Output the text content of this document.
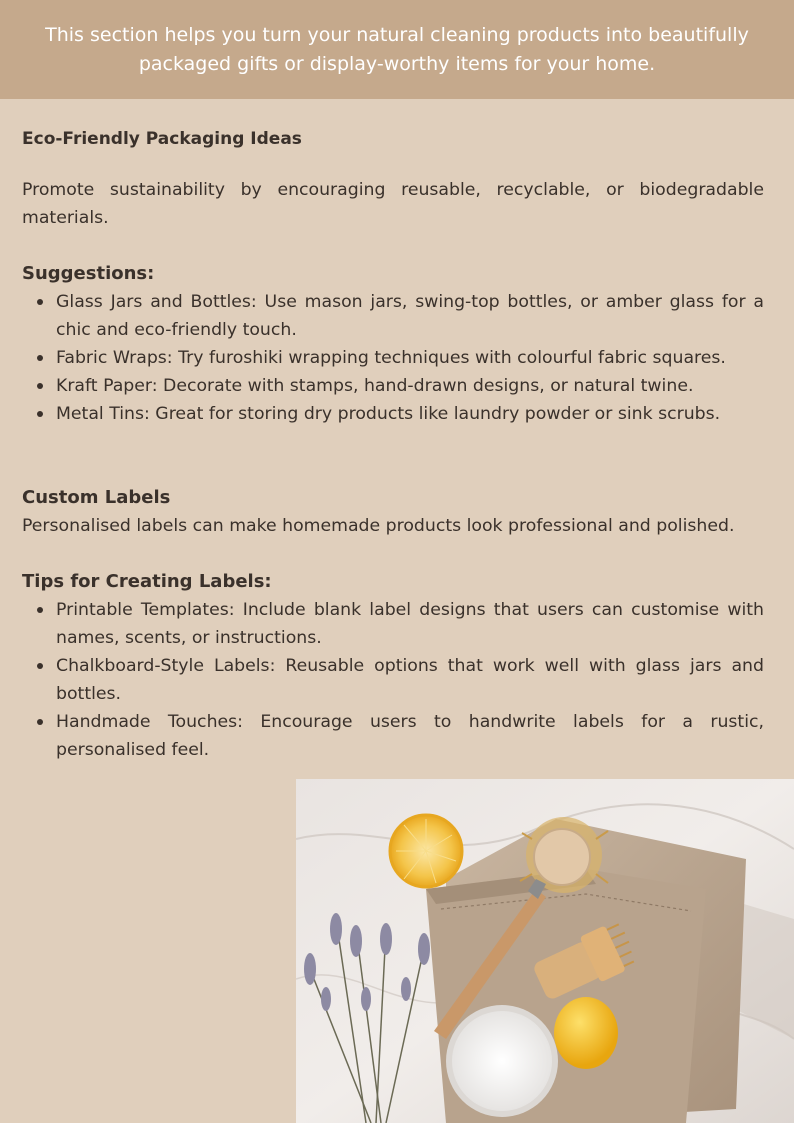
This section helps you turn your natural cleaning products into beautifully packaged gifts or display-worthy items for your home.

Eco-Friendly Packaging Ideas

Promote sustainability by encouraging reusable, recyclable, or biodegradable materials.

Suggestions:
Glass Jars and Bottles: Use mason jars, swing-top bottles, or amber glass for a chic and eco-friendly touch.
Fabric Wraps: Try furoshiki wrapping techniques with colourful fabric squares.
Kraft Paper: Decorate with stamps, hand-drawn designs, or natural twine.
Metal Tins: Great for storing dry products like laundry powder or sink scrubs.
Custom Labels

Personalised labels can make homemade products look professional and polished.

Tips for Creating Labels:
Printable Templates: Include blank label designs that users can customise with names, scents, or instructions.
Chalkboard-Style Labels: Reusable options that work well with glass jars and bottles.
Handmade Touches: Encourage users to handwrite labels for a rustic, personalised feel.
